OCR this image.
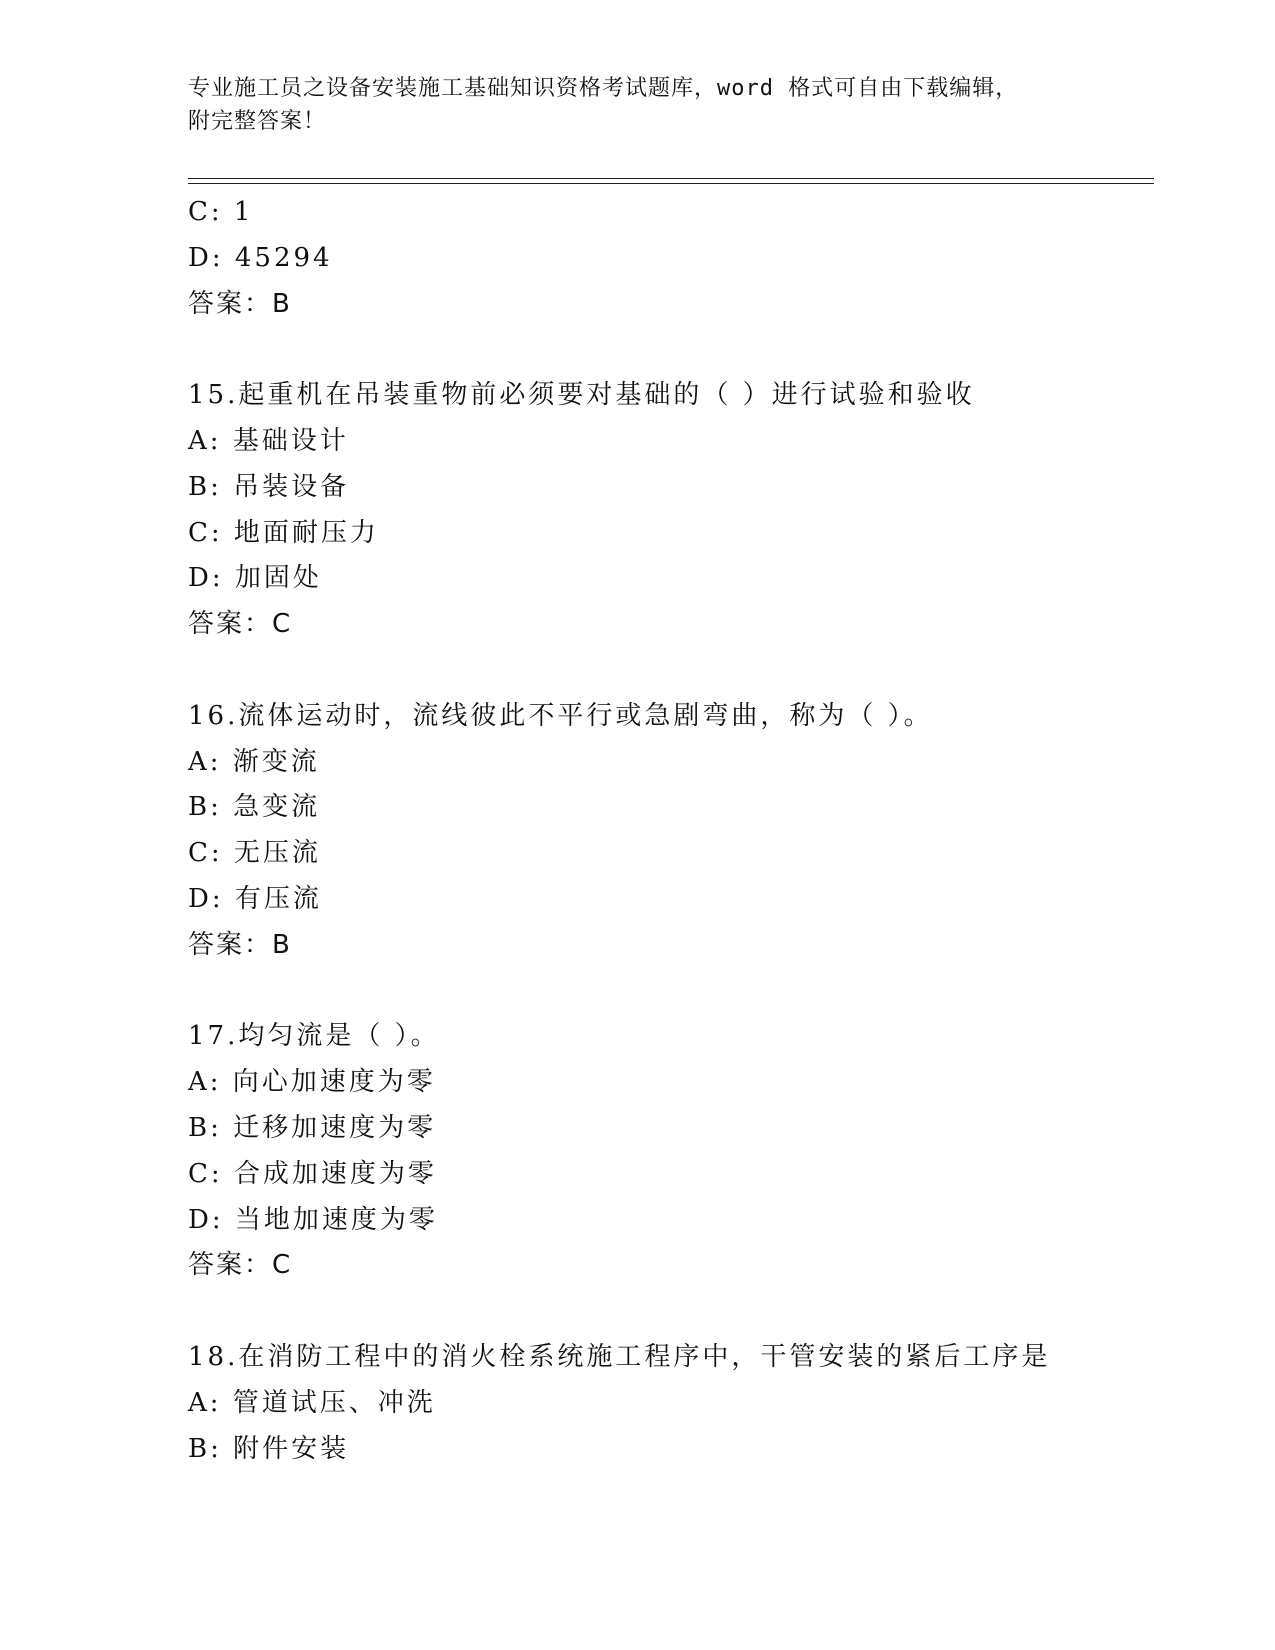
专业施工员之设备安装施工基础知识资格考试题库，word 格式可自由下载编辑，
附完整答案！
C: 1
D: 45294
答案：B
15.起重机在吊装重物前必须要对基础的（ ）进行试验和验收
A: 基础设计
B: 吊装设备
C: 地面耐压力
D: 加固处
答案：C
16.流体运动时，流线彼此不平行或急剧弯曲，称为（ ）。
A: 渐变流
B: 急变流
C: 无压流
D: 有压流
答案：B
17.均匀流是（ ）。
A: 向心加速度为零
B: 迁移加速度为零
C: 合成加速度为零
D: 当地加速度为零
答案：C
18.在消防工程中的消火栓系统施工程序中，干管安装的紧后工序是
A: 管道试压、冲洗
B: 附件安装
